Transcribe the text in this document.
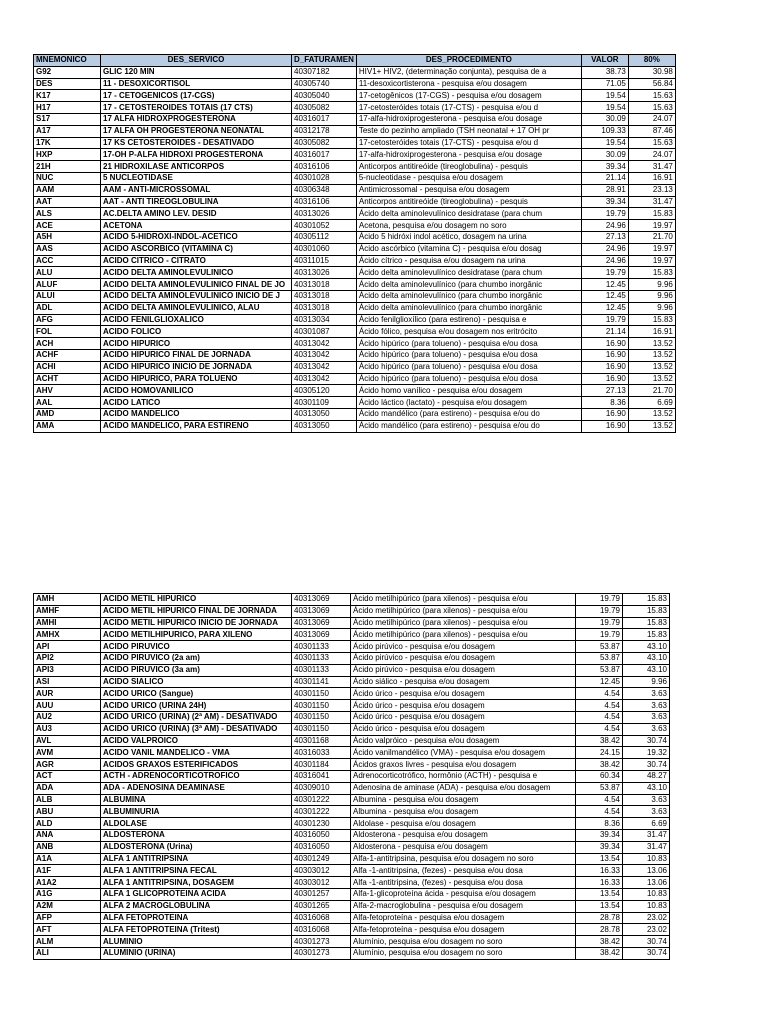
MNEMONICO	DES_SERVICO	D_FATURAMEN	DES_PROCEDIMENTO	VALOR	80%
G92	GLIC 120 MIN	40307182	HIV1+ HIV2, (determinação conjunta), pesquisa de a	38.73	30.98
DES	11 - DESOXICORTISOL	40305740	11-desoxicortisterona - pesquisa e/ou dosagem	71.05	56.84
K17	17 - CETOGENICOS (17-CGS)	40305040	17-cetogênicos (17-CGS) - pesquisa e/ou dosagem	19.54	15.63
H17	17 - CETOSTEROIDES TOTAIS (17 CTS)	40305082	17-cetosteróides totais (17-CTS) - pesquisa e/ou d	19.54	15.63
S17	17 ALFA HIDROXPROGESTERONA	40316017	17-alfa-hidroxiprogesterona - pesquisa e/ou dosage	30.09	24.07
A17	17 ALFA OH PROGESTERONA NEONATAL	40312178	Teste do pezinho ampliado (TSH neonatal + 17 OH pr	109.33	87.46
17K	17 KS CETOSTEROIDES - DESATIVADO	40305082	17-cetosteróides totais (17-CTS) - pesquisa e/ou d	19.54	15.63
HXP	17-OH P-ALFA HIDROXI PROGESTERONA	40316017	17-alfa-hidroxiprogesterona - pesquisa e/ou dosage	30.09	24.07
21H	21 HIDROXILASE ANTICORPOS	40316106	Anticorpos antitireóide (tireoglobulina) - pesquis	39.34	31.47
NUC	5 NUCLEOTIDASE	40301028	5-nucleotidase - pesquisa e/ou dosagem	21.14	16.91
AAM	AAM - ANTI-MICROSSOMAL	40306348	Antimicrossomal - pesquisa e/ou dosagem	28.91	23.13
AAT	AAT - ANTI TIREOGLOBULINA	40316106	Anticorpos antitireóide (tireoglobulina) - pesquis	39.34	31.47
ALS	AC.DELTA AMINO LEV. DESID	40313026	Ácido delta aminolevulínico desidratase (para chum	19.79	15.83
ACE	ACETONA	40301052	Acetona, pesquisa e/ou dosagem no soro	24.96	19.97
A5H	ACIDO 5-HIDROXI-INDOL-ACETICO	40305112	Ácido 5 hidróxi indol acético, dosagem na urina	27.13	21.70
AAS	ACIDO ASCORBICO (VITAMINA C)	40301060	Ácido ascórbico (vitamina C) - pesquisa e/ou dosag	24.96	19.97
ACC	ACIDO CITRICO - CITRATO	40311015	Ácido cítrico - pesquisa e/ou dosagem na urina	24.96	19.97
ALU	ACIDO DELTA AMINOLEVULINICO	40313026	Ácido delta aminolevulínico desidratase (para chum	19.79	15.83
ALUF	ACIDO DELTA AMINOLEVULINICO FINAL DE JO	40313018	Ácido delta aminolevulínico (para chumbo inorgânic	12.45	9.96
ALUI	ACIDO DELTA AMINOLEVULINICO INICIO DE J	40313018	Ácido delta aminolevulínico (para chumbo inorgânic	12.45	9.96
ADL	ACIDO DELTA AMINOLEVULINICO, ALAU	40313018	Ácido delta aminolevulínico (para chumbo inorgânic	12.45	9.96
AFG	ACIDO FENILGLIOXALICO	40313034	Ácido fenilglioxílico (para estireno) - pesquisa e	19.79	15.83
FOL	ACIDO FOLICO	40301087	Ácido fólico, pesquisa e/ou dosagem nos eritrócito	21.14	16.91
ACH	ACIDO HIPURICO	40313042	Ácido hipúrico (para tolueno) - pesquisa e/ou dosa	16.90	13.52
ACHF	ACIDO HIPURICO FINAL DE JORNADA	40313042	Ácido hipúrico (para tolueno) - pesquisa e/ou dosa	16.90	13.52
ACHI	ACIDO HIPURICO INICIO DE JORNADA	40313042	Ácido hipúrico (para tolueno) - pesquisa e/ou dosa	16.90	13.52
ACHT	ACIDO HIPURICO, PARA TOLUENO	40313042	Ácido hipúrico (para tolueno) - pesquisa e/ou dosa	16.90	13.52
AHV	ACIDO HOMOVANILICO	40305120	Ácido homo vanílico - pesquisa e/ou dosagem	27.13	21.70
AAL	ACIDO LATICO	40301109	Ácido láctico (lactato) - pesquisa e/ou dosagem	8.36	6.69
AMD	ACIDO MANDELICO	40313050	Ácido mandélico (para estireno) - pesquisa e/ou do	16.90	13.52
AMA	ACIDO MANDELICO, PARA ESTIRENO	40313050	Ácido mandélico (para estireno) - pesquisa e/ou do	16.90	13.52
AMH	ACIDO METIL HIPURICO	40313069	Ácido metilhipúrico (para xilenos) - pesquisa e/ou	19.79	15.83
AMHF	ACIDO METIL HIPURICO FINAL DE JORNADA	40313069	Ácido metilhipúrico (para xilenos) - pesquisa e/ou	19.79	15.83
AMHI	ACIDO METIL HIPURICO INICIO DE JORNADA	40313069	Ácido metilhipúrico (para xilenos) - pesquisa e/ou	19.79	15.83
AMHX	ACIDO METILHIPURICO, PARA XILENO	40313069	Ácido metilhipúrico (para xilenos) - pesquisa e/ou	19.79	15.83
API	ACIDO PIRUVICO	40301133	Ácido pirúvico - pesquisa e/ou dosagem	53.87	43.10
API2	ACIDO PIRUVICO (2a am)	40301133	Ácido pirúvico - pesquisa e/ou dosagem	53.87	43.10
API3	ACIDO PIRUVICO (3a am)	40301133	Ácido pirúvico - pesquisa e/ou dosagem	53.87	43.10
ASI	ACIDO SIALICO	40301141	Ácido siálico - pesquisa e/ou dosagem	12.45	9.96
AUR	ACIDO URICO (Sangue)	40301150	Ácido úrico - pesquisa e/ou dosagem	4.54	3.63
AUU	ACIDO URICO (URINA 24H)	40301150	Ácido úrico - pesquisa e/ou dosagem	4.54	3.63
AU2	ACIDO URICO (URINA) (2ª AM) - DESATIVADO	40301150	Ácido úrico - pesquisa e/ou dosagem	4.54	3.63
AU3	ACIDO URICO (URINA) (3ª AM) - DESATIVADO	40301150	Ácido úrico - pesquisa e/ou dosagem	4.54	3.63
AVL	ACIDO VALPROICO	40301168	Ácido valpróico - pesquisa e/ou dosagem	38.42	30.74
AVM	ACIDO VANIL MANDELICO - VMA	40316033	Ácido vanilmandélico (VMA) - pesquisa e/ou dosagem	24.15	19.32
AGR	ACIDOS GRAXOS ESTERIFICADOS	40301184	Ácidos graxos livres - pesquisa e/ou dosagem	38.42	30.74
ACT	ACTH - ADRENOCORTICOTROFICO	40316041	Adrenocorticotrófico, hormônio (ACTH) - pesquisa e	60.34	48.27
ADA	ADA - ADENOSINA DEAMINASE	40309010	Adenosina de aminase (ADA) - pesquisa e/ou dosagem	53.87	43.10
ALB	ALBUMINA	40301222	Albumina - pesquisa e/ou dosagem	4.54	3.63
ABU	ALBUMINURIA	40301222	Albumina - pesquisa e/ou dosagem	4.54	3.63
ALD	ALDOLASE	40301230	Aldolase - pesquisa e/ou dosagem	8.36	6.69
ANA	ALDOSTERONA	40316050	Aldosterona - pesquisa e/ou dosagem	39.34	31.47
ANB	ALDOSTERONA (Urina)	40316050	Aldosterona - pesquisa e/ou dosagem	39.34	31.47
A1A	ALFA 1 ANTITRIPSINA	40301249	Alfa-1-antitripsina, pesquisa e/ou dosagem no soro	13.54	10.83
A1F	ALFA 1 ANTITRIPSINA FECAL	40303012	Alfa -1-antitripsina, (fezes) - pesquisa e/ou dosa	16.33	13.06
A1A2	ALFA 1 ANTITRIPSINA, DOSAGEM	40303012	Alfa -1-antitripsina, (fezes) - pesquisa e/ou dosa	16.33	13.06
A1G	ALFA 1 GLICOPROTEINA ACIDA	40301257	Alfa-1-glicoproteína ácida - pesquisa e/ou dosagem	13.54	10.83
A2M	ALFA 2 MACROGLOBULINA	40301265	Alfa-2-macroglobulina - pesquisa e/ou dosagem	13.54	10.83
AFP	ALFA FETOPROTEINA	40316068	Alfa-fetoproteína - pesquisa e/ou dosagem	28.78	23.02
AFT	ALFA FETOPROTEINA (Tritest)	40316068	Alfa-fetoproteína - pesquisa e/ou dosagem	28.78	23.02
ALM	ALUMINIO	40301273	Alumínio, pesquisa e/ou dosagem no soro	38.42	30.74
ALI	ALUMINIO (URINA)	40301273	Alumínio, pesquisa e/ou dosagem no soro	38.42	30.74
